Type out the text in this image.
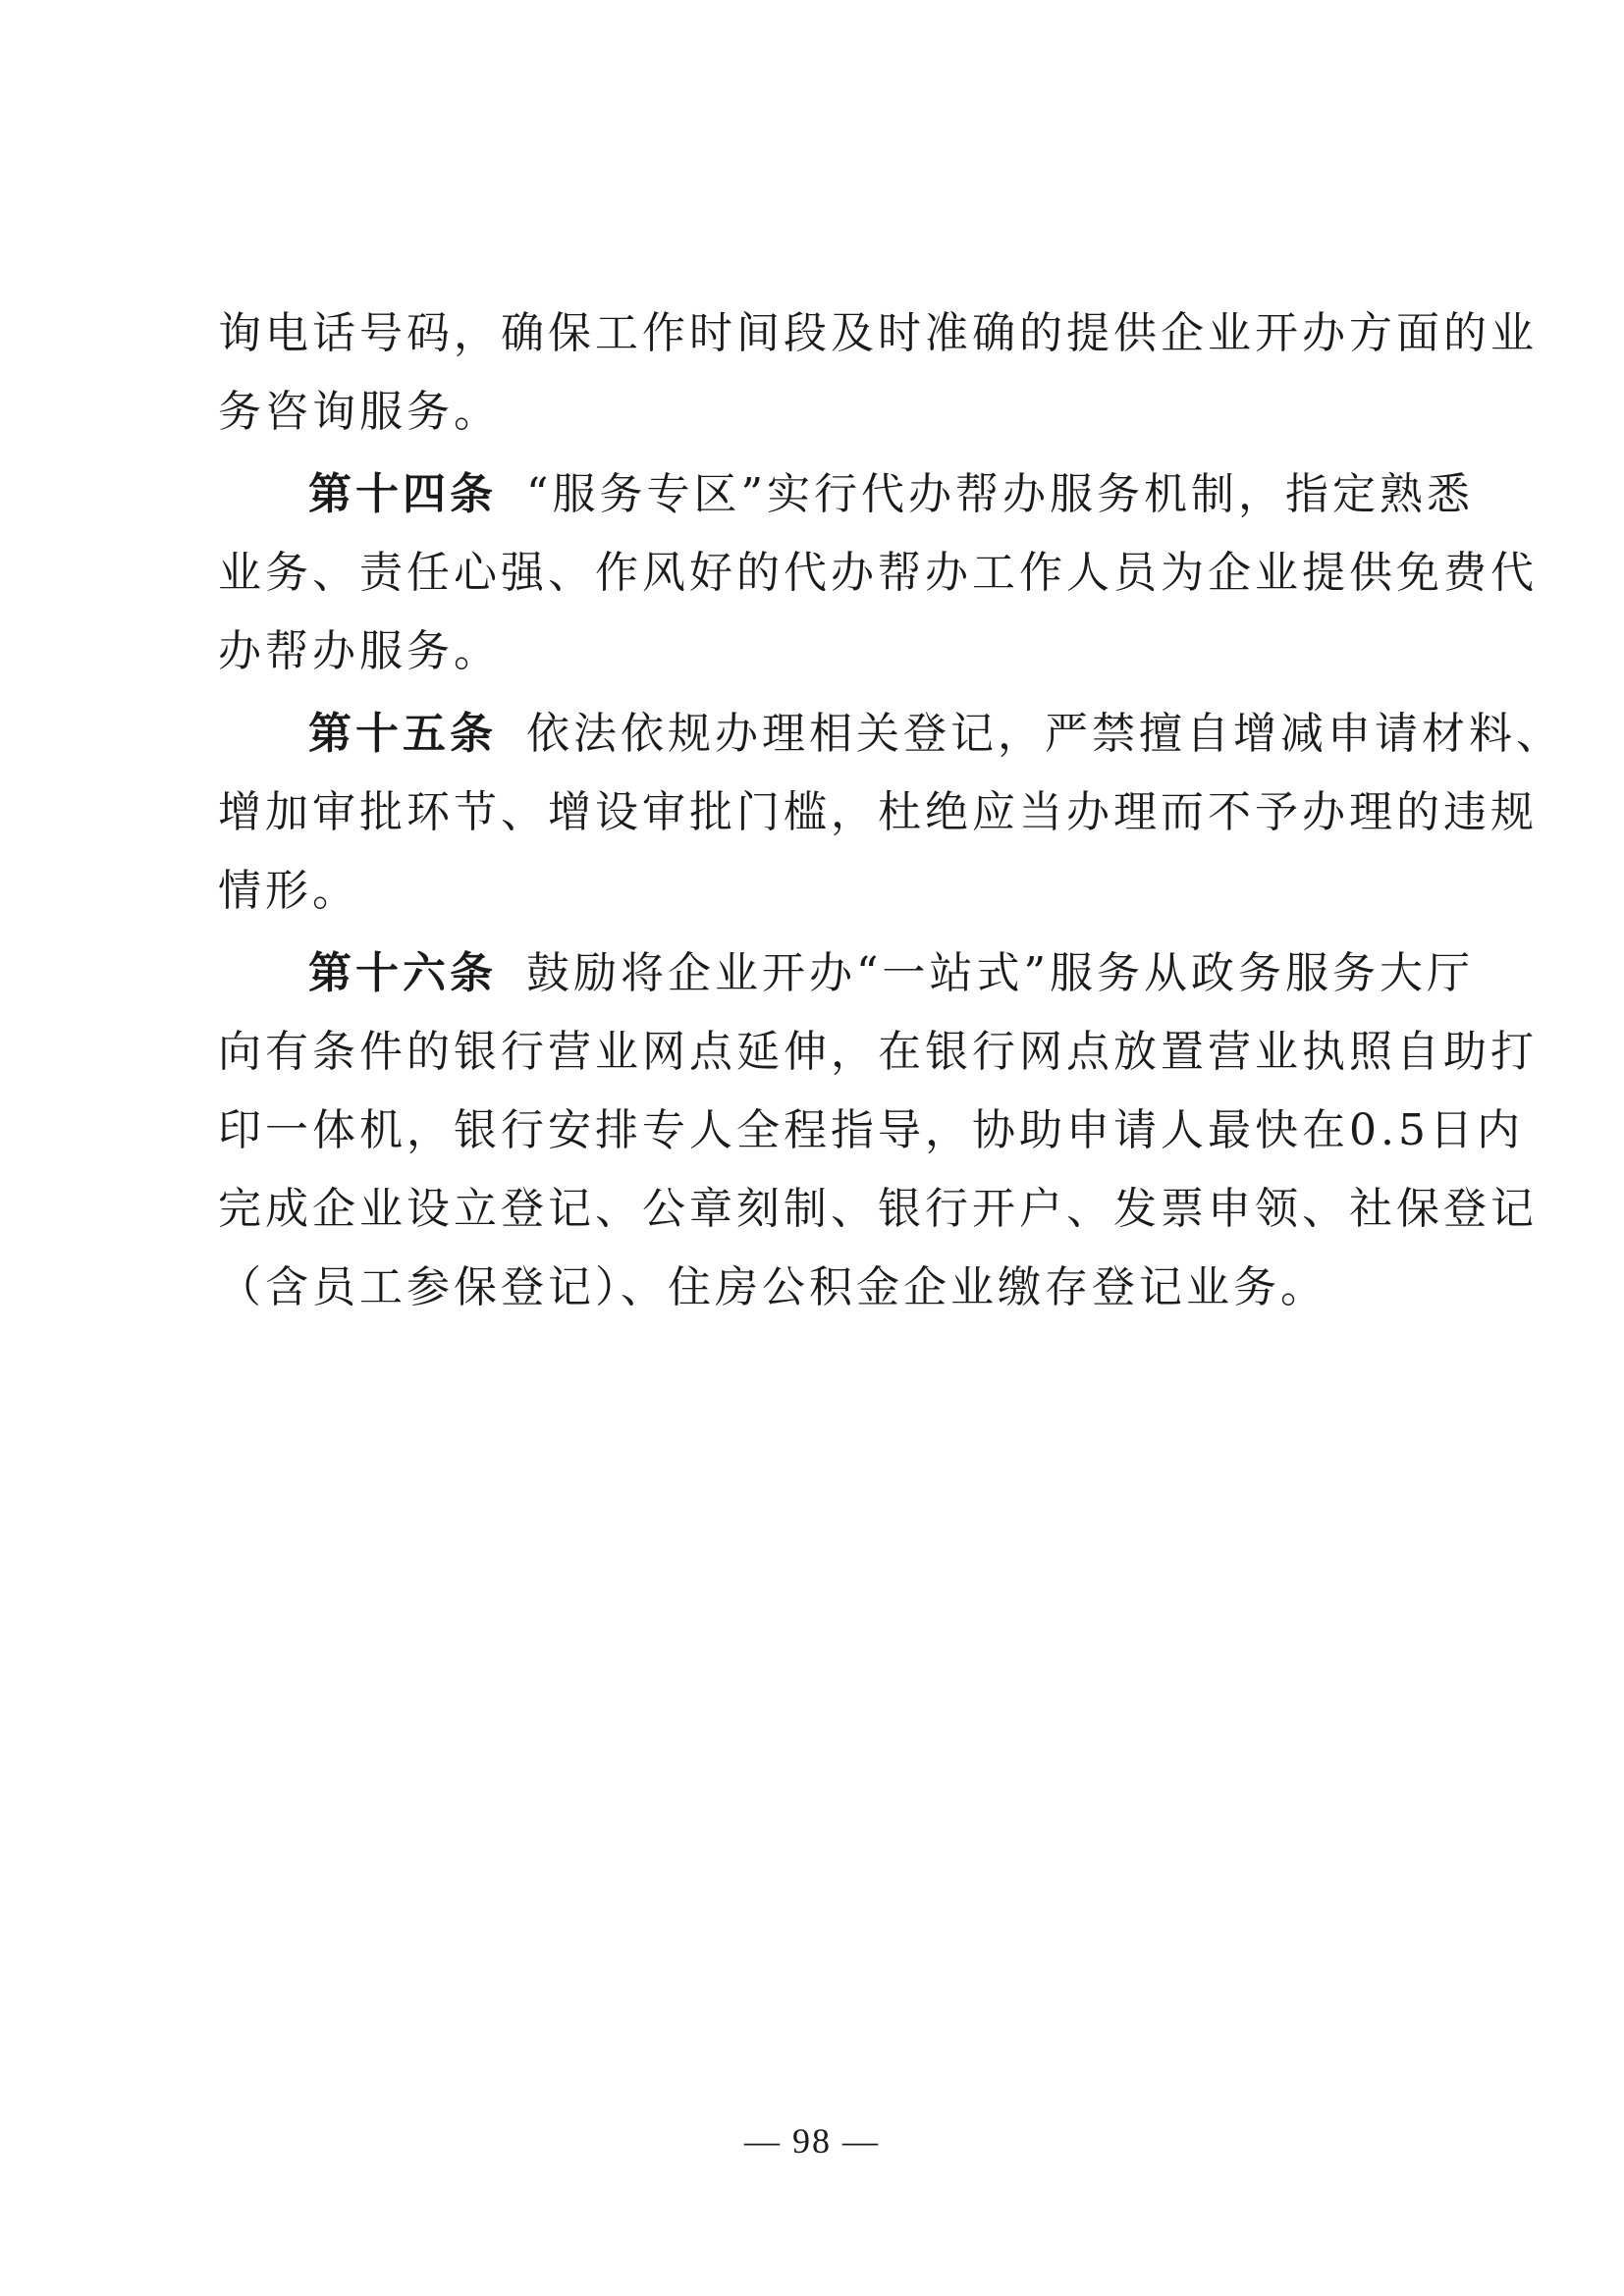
询电话号码，确保工作时间段及时准确的提供企业开办方面的业
务咨询服务。
第十四条 “服务专区”实行代办帮办服务机制，指定熟悉
业务、责任心强、作风好的代办帮办工作人员为企业提供免费代
办帮办服务。
第十五条 依法依规办理相关登记，严禁擅自增减申请材料、
增加审批环节、增设审批门槛，杜绝应当办理而不予办理的违规
情形。
第十六条 鼓励将企业开办“一站式”服务从政务服务大厅
向有条件的银行营业网点延伸，在银行网点放置营业执照自助打
印一体机，银行安排专人全程指导，协助申请人最快在0.5日内
完成企业设立登记、公章刻制、银行开户、发票申领、社保登记
（含员工参保登记）、住房公积金企业缴存登记业务。
— 98 —
